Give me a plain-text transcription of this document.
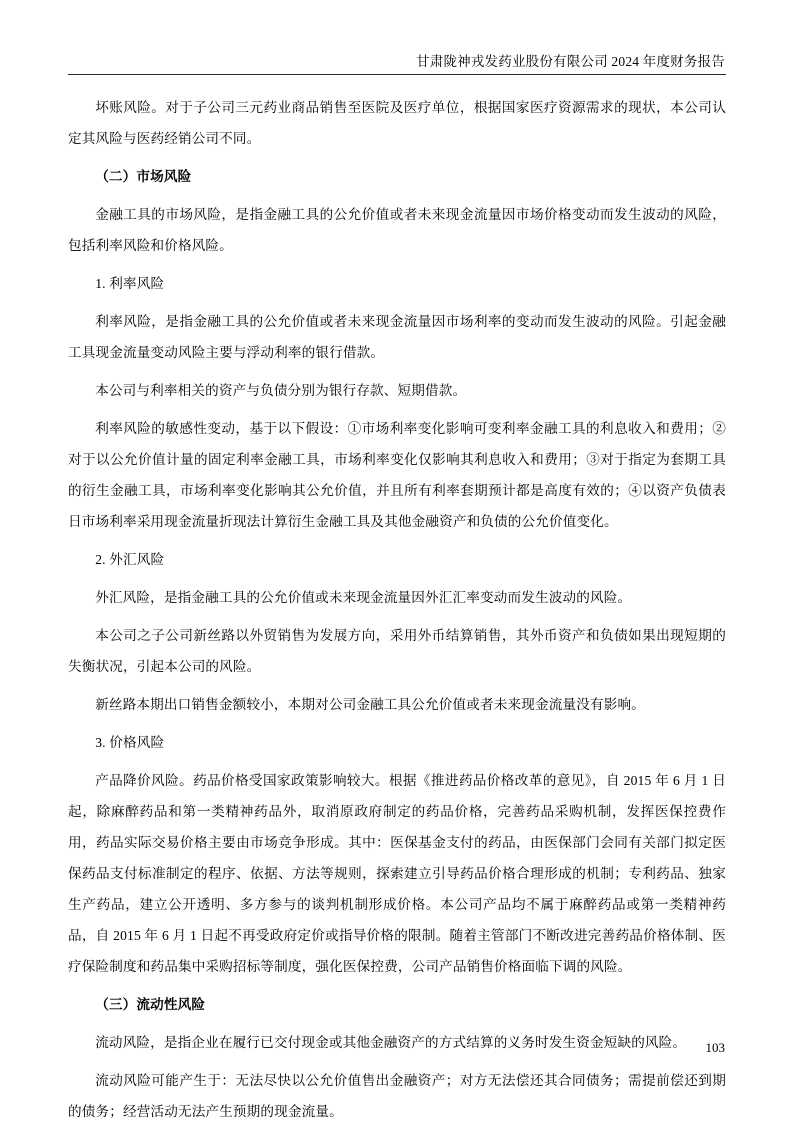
甘肃陇神戎发药业股份有限公司 2024 年度财务报告

坏账风险。对于子公司三元药业商品销售至医院及医疗单位，根据国家医疗资源需求的现状，本公司认定其风险与医药经销公司不同。

（二）市场风险

金融工具的市场风险，是指金融工具的公允价值或者未来现金流量因市场价格变动而发生波动的风险，包括利率风险和价格风险。

1. 利率风险

利率风险，是指金融工具的公允价值或者未来现金流量因市场利率的变动而发生波动的风险。引起金融工具现金流量变动风险主要与浮动利率的银行借款。

本公司与利率相关的资产与负债分别为银行存款、短期借款。

利率风险的敏感性变动，基于以下假设：①市场利率变化影响可变利率金融工具的利息收入和费用；②对于以公允价值计量的固定利率金融工具，市场利率变化仅影响其利息收入和费用；③对于指定为套期工具的衍生金融工具，市场利率变化影响其公允价值，并且所有利率套期预计都是高度有效的；④以资产负债表日市场利率采用现金流量折现法计算衍生金融工具及其他金融资产和负债的公允价值变化。

2. 外汇风险

外汇风险，是指金融工具的公允价值或未来现金流量因外汇汇率变动而发生波动的风险。

本公司之子公司新丝路以外贸销售为发展方向，采用外币结算销售，其外币资产和负债如果出现短期的失衡状况，引起本公司的风险。

新丝路本期出口销售金额较小，本期对公司金融工具公允价值或者未来现金流量没有影响。

3. 价格风险

产品降价风险。药品价格受国家政策影响较大。根据《推进药品价格改革的意见》，自 2015 年 6 月 1 日起，除麻醉药品和第一类精神药品外，取消原政府制定的药品价格，完善药品采购机制，发挥医保控费作用，药品实际交易价格主要由市场竞争形成。其中：医保基金支付的药品，由医保部门会同有关部门拟定医保药品支付标准制定的程序、依据、方法等规则，探索建立引导药品价格合理形成的机制；专利药品、独家生产药品，建立公开透明、多方参与的谈判机制形成价格。本公司产品均不属于麻醉药品或第一类精神药品，自 2015 年 6 月 1 日起不再受政府定价或指导价格的限制。随着主管部门不断改进完善药品价格体制、医疗保险制度和药品集中采购招标等制度，强化医保控费，公司产品销售价格面临下调的风险。

（三）流动性风险

流动风险，是指企业在履行已交付现金或其他金融资产的方式结算的义务时发生资金短缺的风险。

流动风险可能产生于：无法尽快以公允价值售出金融资产；对方无法偿还其合同债务；需提前偿还到期的债务；经营活动无法产生预期的现金流量。

103
